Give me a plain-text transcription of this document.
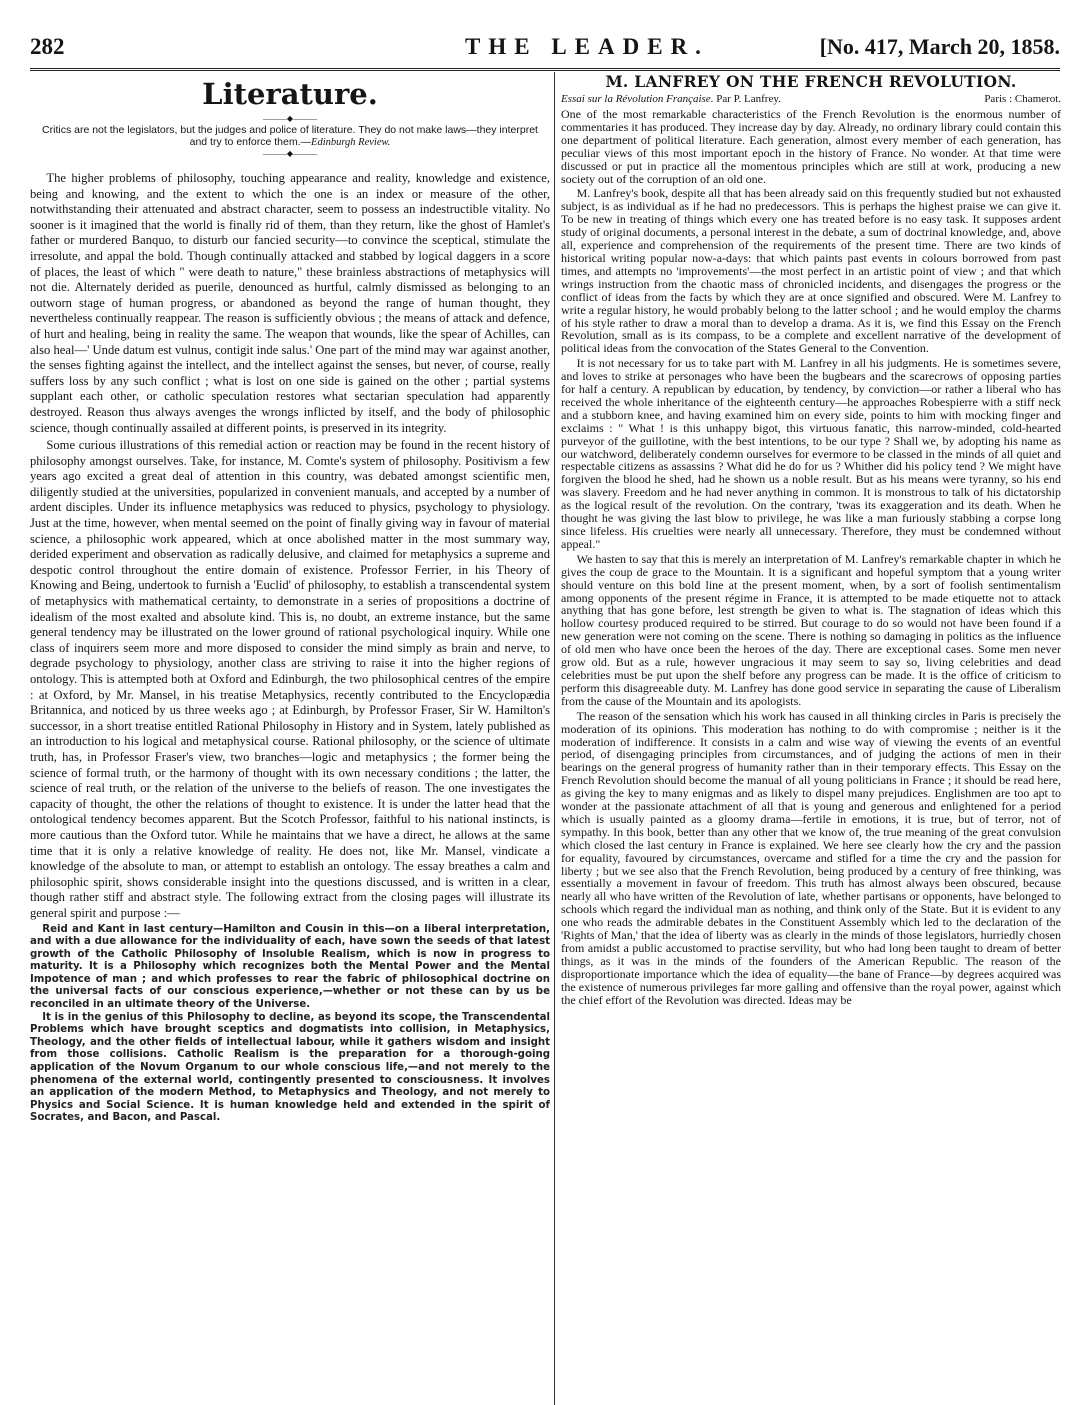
282	THE LEADER.	[No. 417, March 20, 1858.
Literature.
———◆———
Critics are not the legislators, but the judges and police of literature. They do not make laws—they interpret and try to enforce them.—Edinburgh Review.
———◆———

The higher problems of philosophy, touching appearance and reality, knowledge and existence, being and knowing, and the extent to which the one is an index or measure of the other, notwithstanding their attenuated and abstract character, seem to possess an indestructible vitality. No sooner is it imagined that the world is finally rid of them, than they return, like the ghost of Hamlet's father or murdered Banquo, to disturb our fancied security—to convince the sceptical, stimulate the irresolute, and appal the bold. Though continually attacked and stabbed by logical daggers in a score of places, the least of which " were death to nature," these brainless abstractions of metaphysics will not die. Alternately derided as puerile, denounced as hurtful, calmly dismissed as belonging to an outworn stage of human progress, or abandoned as beyond the range of human thought, they nevertheless continually reappear. The reason is sufficiently obvious ; the means of attack and defence, of hurt and healing, being in reality the same. The weapon that wounds, like the spear of Achilles, can also heal—' Unde datum est vulnus, contigit inde salus.' One part of the mind may war against another, the senses fighting against the intellect, and the intellect against the senses, but never, of course, really suffers loss by any such conflict ; what is lost on one side is gained on the other ; partial systems supplant each other, or catholic speculation restores what sectarian speculation had apparently destroyed. Reason thus always avenges the wrongs inflicted by itself, and the body of philosophic science, though continually assailed at different points, is preserved in its integrity.

Some curious illustrations of this remedial action or reaction may be found in the recent history of philosophy amongst ourselves. Take, for instance, M. Comte's system of philosophy. Positivism a few years ago excited a great deal of attention in this country, was debated amongst scientific men, diligently studied at the universities, popularized in convenient manuals, and accepted by a number of ardent disciples. Under its influence metaphysics was reduced to physics, psychology to physiology. Just at the time, however, when mental seemed on the point of finally giving way in favour of material science, a philosophic work appeared, which at once abolished matter in the most summary way, derided experiment and observation as radically delusive, and claimed for metaphysics a supreme and despotic control throughout the entire domain of existence. Professor Ferrier, in his Theory of Knowing and Being, undertook to furnish a 'Euclid' of philosophy, to establish a transcendental system of metaphysics with mathematical certainty, to demonstrate in a series of propositions a doctrine of idealism of the most exalted and absolute kind. This is, no doubt, an extreme instance, but the same general tendency may be illustrated on the lower ground of rational psychological inquiry. While one class of inquirers seem more and more disposed to consider the mind simply as brain and nerve, to degrade psychology to physiology, another class are striving to raise it into the higher regions of ontology. This is attempted both at Oxford and Edinburgh, the two philosophical centres of the empire : at Oxford, by Mr. Mansel, in his treatise Metaphysics, recently contributed to the Encyclopædia Britannica, and noticed by us three weeks ago ; at Edinburgh, by Professor Fraser, Sir W. Hamilton's successor, in a short treatise entitled Rational Philosophy in History and in System, lately published as an introduction to his logical and metaphysical course. Rational philosophy, or the science of ultimate truth, has, in Professor Fraser's view, two branches—logic and metaphysics ; the former being the science of formal truth, or the harmony of thought with its own necessary conditions ; the latter, the science of real truth, or the relation of the universe to the beliefs of reason. The one investigates the capacity of thought, the other the relations of thought to existence. It is under the latter head that the ontological tendency becomes apparent. But the Scotch Professor, faithful to his national instincts, is more cautious than the Oxford tutor. While he maintains that we have a direct, he allows at the same time that it is only a relative knowledge of reality. He does not, like Mr. Mansel, vindicate a knowledge of the absolute to man, or attempt to establish an ontology. The essay breathes a calm and philosophic spirit, shows considerable insight into the questions discussed, and is written in a clear, though rather stiff and abstract style. The following extract from the closing pages will illustrate its general spirit and purpose :—

Reid and Kant in last century—Hamilton and Cousin in this—on a liberal interpretation, and with a due allowance for the individuality of each, have sown the seeds of that latest growth of the Catholic Philosophy of Insoluble Realism, which is now in progress to maturity. It is a Philosophy which recognizes both the Mental Power and the Mental Impotence of man ; and which professes to rear the fabric of philosophical doctrine on the universal facts of our conscious experience,—whether or not these can by us be reconciled in an ultimate theory of the Universe.

It is in the genius of this Philosophy to decline, as beyond its scope, the Transcendental Problems which have brought sceptics and dogmatists into collision, in Metaphysics, Theology, and the other fields of intellectual labour, while it gathers wisdom and insight from those collisions. Catholic Realism is the preparation for a thorough-going application of the Novum Organum to our whole conscious life,—and not merely to the phenomena of the external world, contingently presented to consciousness. It involves an application of the modern Method, to Metaphysics and Theology, and not merely to Physics and Social Science. It is human knowledge held and extended in the spirit of Socrates, and Bacon, and Pascal.

M. LANFREY ON THE FRENCH REVOLUTION.
Essai sur la Révolution Française. Par P. Lanfrey.	Paris : Chamerot.

One of the most remarkable characteristics of the French Revolution is the enormous number of commentaries it has produced. They increase day by day. Already, no ordinary library could contain this one department of political literature. Each generation, almost every member of each generation, has peculiar views of this most important epoch in the history of France. No wonder. At that time were discussed or put in practice all the momentous principles which are still at work, producing a new society out of the corruption of an old one.

M. Lanfrey's book, despite all that has been already said on this frequently studied but not exhausted subject, is as individual as if he had no predecessors. This is perhaps the highest praise we can give it. To be new in treating of things which every one has treated before is no easy task. It supposes ardent study of original documents, a personal interest in the debate, a sum of doctrinal knowledge, and, above all, experience and comprehension of the requirements of the present time. There are two kinds of historical writing popular now-a-days: that which paints past events in colours borrowed from past times, and attempts no 'improvements'—the most perfect in an artistic point of view ; and that which wrings instruction from the chaotic mass of chronicled incidents, and disengages the progress or the conflict of ideas from the facts by which they are at once signified and obscured. Were M. Lanfrey to write a regular history, he would probably belong to the latter school ; and he would employ the charms of his style rather to draw a moral than to develop a drama. As it is, we find this Essay on the French Revolution, small as is its compass, to be a complete and excellent narrative of the development of political ideas from the convocation of the States General to the Convention.

It is not necessary for us to take part with M. Lanfrey in all his judgments. He is sometimes severe, and loves to strike at personages who have been the bugbears and the scarecrows of opposing parties for half a century. A republican by education, by tendency, by conviction—or rather a liberal who has received the whole inheritance of the eighteenth century—he approaches Robespierre with a stiff neck and a stubborn knee, and having examined him on every side, points to him with mocking finger and exclaims : " What ! is this unhappy bigot, this virtuous fanatic, this narrow-minded, cold-hearted purveyor of the guillotine, with the best intentions, to be our type ? Shall we, by adopting his name as our watchword, deliberately condemn ourselves for evermore to be classed in the minds of all quiet and respectable citizens as assassins ? What did he do for us ? Whither did his policy tend ? We might have forgiven the blood he shed, had he shown us a noble result. But as his means were tyranny, so his end was slavery. Freedom and he had never anything in common. It is monstrous to talk of his dictatorship as the logical result of the revolution. On the contrary, 'twas its exaggeration and its death. When he thought he was giving the last blow to privilege, he was like a man furiously stabbing a corpse long since lifeless. His cruelties were nearly all unnecessary. Therefore, they must be condemned without appeal."

We hasten to say that this is merely an interpretation of M. Lanfrey's remarkable chapter in which he gives the coup de grace to the Mountain. It is a significant and hopeful symptom that a young writer should venture on this bold line at the present moment, when, by a sort of foolish sentimentalism among opponents of the present régime in France, it is attempted to be made etiquette not to attack anything that has gone before, lest strength be given to what is. The stagnation of ideas which this hollow courtesy produced required to be stirred. But courage to do so would not have been found if a new generation were not coming on the scene. There is nothing so damaging in politics as the influence of old men who have once been the heroes of the day. There are exceptional cases. Some men never grow old. But as a rule, however ungracious it may seem to say so, living celebrities and dead celebrities must be put upon the shelf before any progress can be made. It is the office of criticism to perform this disagreeable duty. M. Lanfrey has done good service in separating the cause of Liberalism from the cause of the Mountain and its apologists.

The reason of the sensation which his work has caused in all thinking circles in Paris is precisely the moderation of its opinions. This moderation has nothing to do with compromise ; neither is it the moderation of indifference. It consists in a calm and wise way of viewing the events of an eventful period, of disengaging principles from circumstances, and of judging the actions of men in their bearings on the general progress of humanity rather than in their temporary effects. This Essay on the French Revolution should become the manual of all young politicians in France ; it should be read here, as giving the key to many enigmas and as likely to dispel many prejudices. Englishmen are too apt to wonder at the passionate attachment of all that is young and generous and enlightened for a period which is usually painted as a gloomy drama—fertile in emotions, it is true, but of terror, not of sympathy. In this book, better than any other that we know of, the true meaning of the great convulsion which closed the last century in France is explained. We here see clearly how the cry and the passion for equality, favoured by circumstances, overcame and stifled for a time the cry and the passion for liberty ; but we see also that the French Revolution, being produced by a century of free thinking, was essentially a movement in favour of freedom. This truth has almost always been obscured, because nearly all who have written of the Revolution of late, whether partisans or opponents, have belonged to schools which regard the individual man as nothing, and think only of the State. But it is evident to any one who reads the admirable debates in the Constituent Assembly which led to the declaration of the 'Rights of Man,' that the idea of liberty was as clearly in the minds of those legislators, hurriedly chosen from amidst a public accustomed to practise servility, but who had long been taught to dream of better things, as it was in the minds of the founders of the American Republic. The reason of the disproportionate importance which the idea of equality—the bane of France—by degrees acquired was the existence of numerous privileges far more galling and offensive than the royal power, against which the chief effort of the Revolution was directed. Ideas may be
